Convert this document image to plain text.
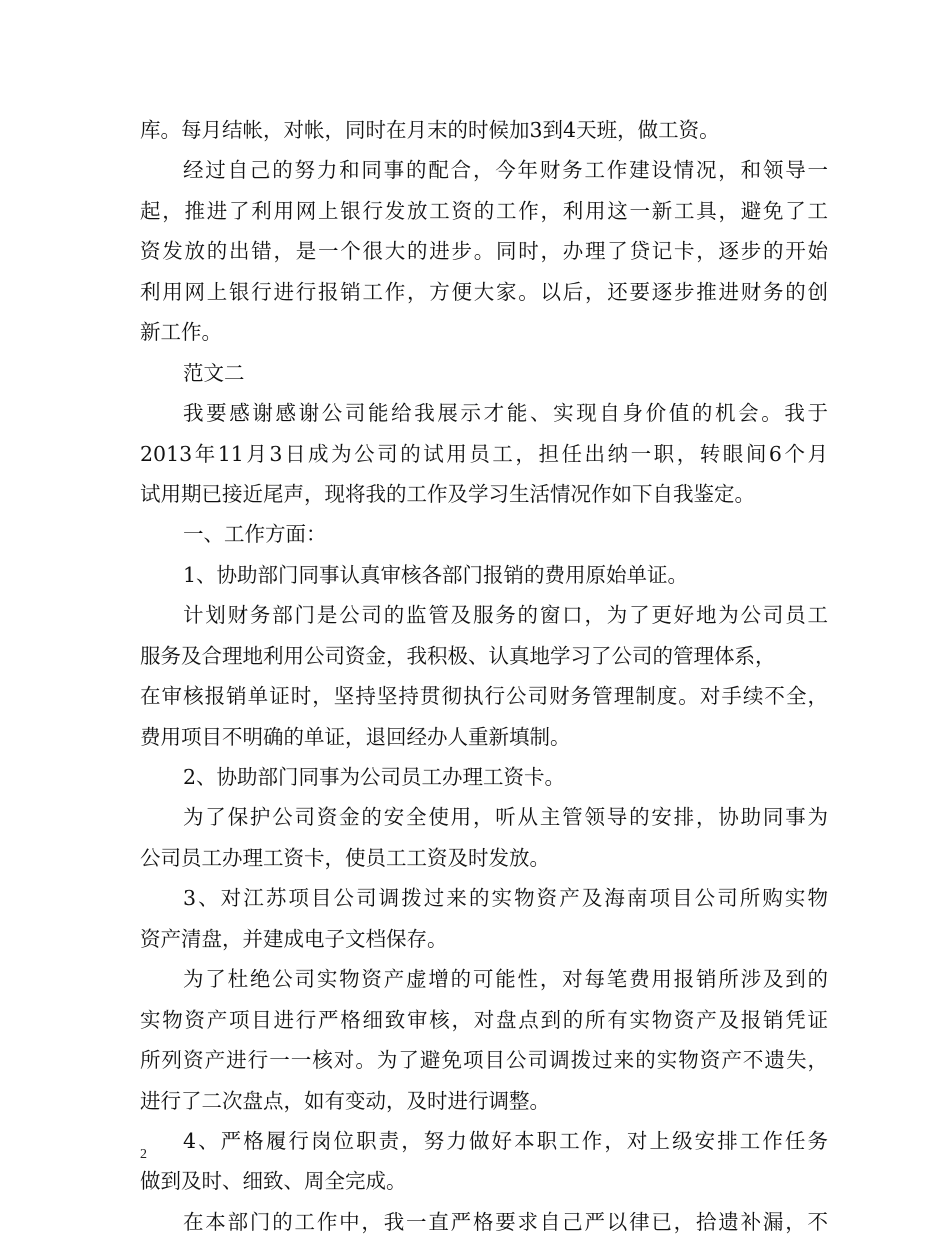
库。每月结帐，对帐，同时在月末的时候加3到4天班，做工资。
经过自己的努力和同事的配合，今年财务工作建设情况，和领导一
起，推进了利用网上银行发放工资的工作，利用这一新工具，避免了工
资发放的出错，是一个很大的进步。同时，办理了贷记卡，逐步的开始
利用网上银行进行报销工作，方便大家。以后，还要逐步推进财务的创
新工作。
范文二
我要感谢感谢公司能给我展示才能、实现自身价值的机会。我于
2013年11月3日成为公司的试用员工，担任出纳一职，转眼间6个月
试用期已接近尾声，现将我的工作及学习生活情况作如下自我鉴定。
一、工作方面：
1、协助部门同事认真审核各部门报销的费用原始单证。
计划财务部门是公司的监管及服务的窗口，为了更好地为公司员工
服务及合理地利用公司资金，我积极、认真地学习了公司的管理体系，
在审核报销单证时，坚持坚持贯彻执行公司财务管理制度。对手续不全，
费用项目不明确的单证，退回经办人重新填制。
2、协助部门同事为公司员工办理工资卡。
为了保护公司资金的安全使用，听从主管领导的安排，协助同事为
公司员工办理工资卡，使员工工资及时发放。
3、对江苏项目公司调拨过来的实物资产及海南项目公司所购实物
资产清盘，并建成电子文档保存。
为了杜绝公司实物资产虚增的可能性，对每笔费用报销所涉及到的
实物资产项目进行严格细致审核，对盘点到的所有实物资产及报销凭证
所列资产进行一一核对。为了避免项目公司调拨过来的实物资产不遗失，
进行了二次盘点，如有变动，及时进行调整。
4、严格履行岗位职责，努力做好本职工作，对上级安排工作任务
做到及时、细致、周全完成。
在本部门的工作中，我一直严格要求自己严以律已，拾遗补漏，不
2
